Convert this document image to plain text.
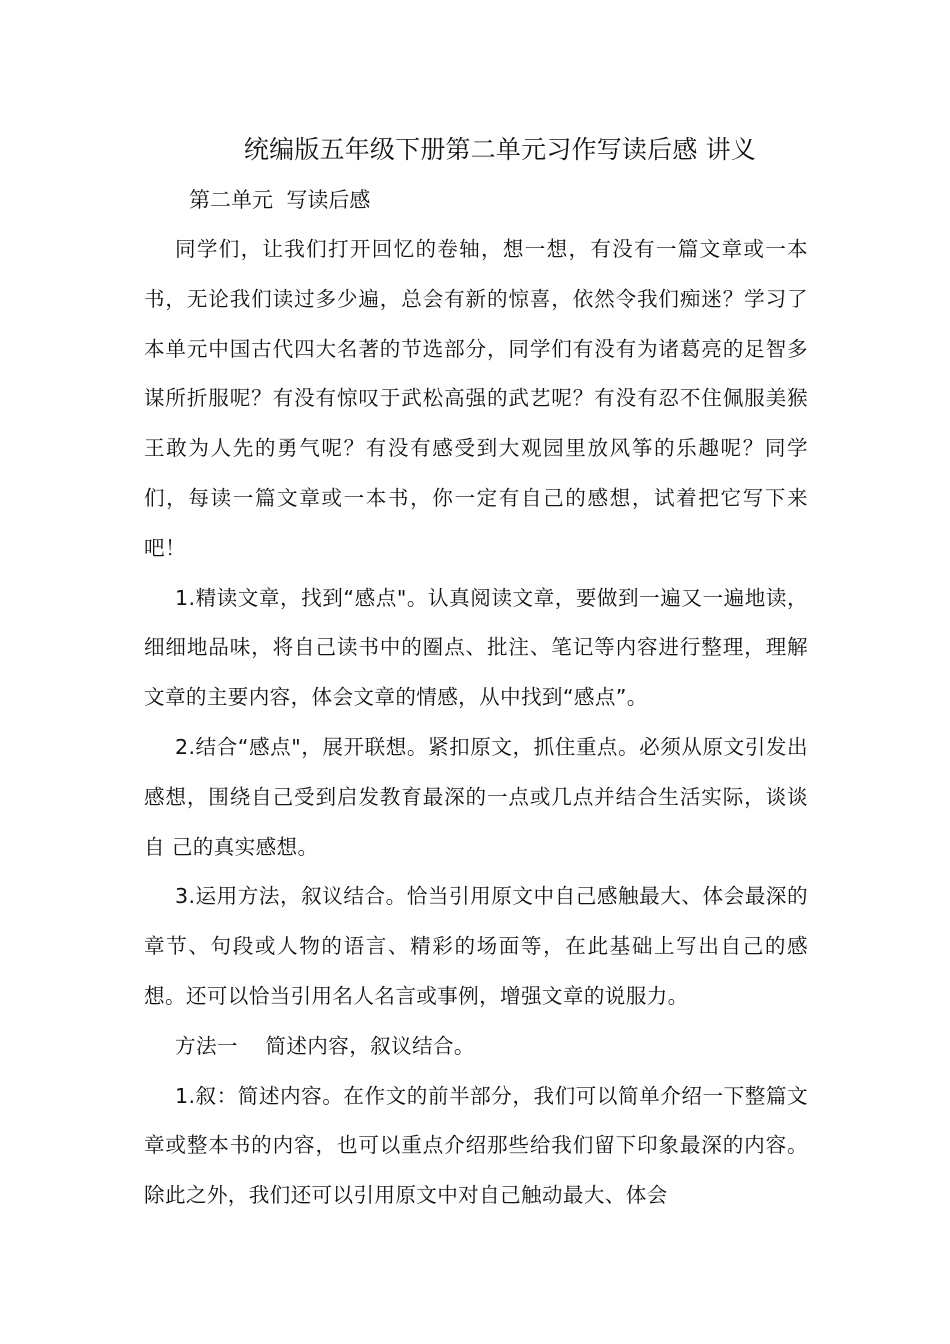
统编版五年级下册第二单元习作写读后感 讲义
第二单元  写读后感

同学们，让我们打开回忆的卷轴，想一想，有没有一篇文章或一本书，无论我们读过多少遍，总会有新的惊喜，依然令我们痴迷？学习了本单元中国古代四大名著的节选部分，同学们有没有为诸葛亮的足智多谋所折服呢？有没有惊叹于武松高强的武艺呢？有没有忍不住佩服美猴王敢为人先的勇气呢？有没有感受到大观园里放风筝的乐趣呢？同学们，每读一篇文章或一本书，你一定有自己的感想，试着把它写下来吧！

1.精读文章，找到“感点"。认真阅读文章，要做到一遍又一遍地读，细细地品味，将自己读书中的圈点、批注、笔记等内容进行整理，理解文章的主要内容，体会文章的情感，从中找到“感点”。

2.结合“感点"，展开联想。紧扣原文，抓住重点。必须从原文引发出感想，围绕自己受到启发教育最深的一点或几点并结合生活实际，谈谈自 己的真实感想。

3.运用方法，叙议结合。恰当引用原文中自己感触最大、体会最深的章节、句段或人物的语言、精彩的场面等，在此基础上写出自己的感想。还可以恰当引用名人名言或事例，增强文章的说服力。

方法一    简述内容，叙议结合。

1.叙：简述内容。在作文的前半部分，我们可以简单介绍一下整篇文章或整本书的内容，也可以重点介绍那些给我们留下印象最深的内容。除此之外，我们还可以引用原文中对自己触动最大、体会
